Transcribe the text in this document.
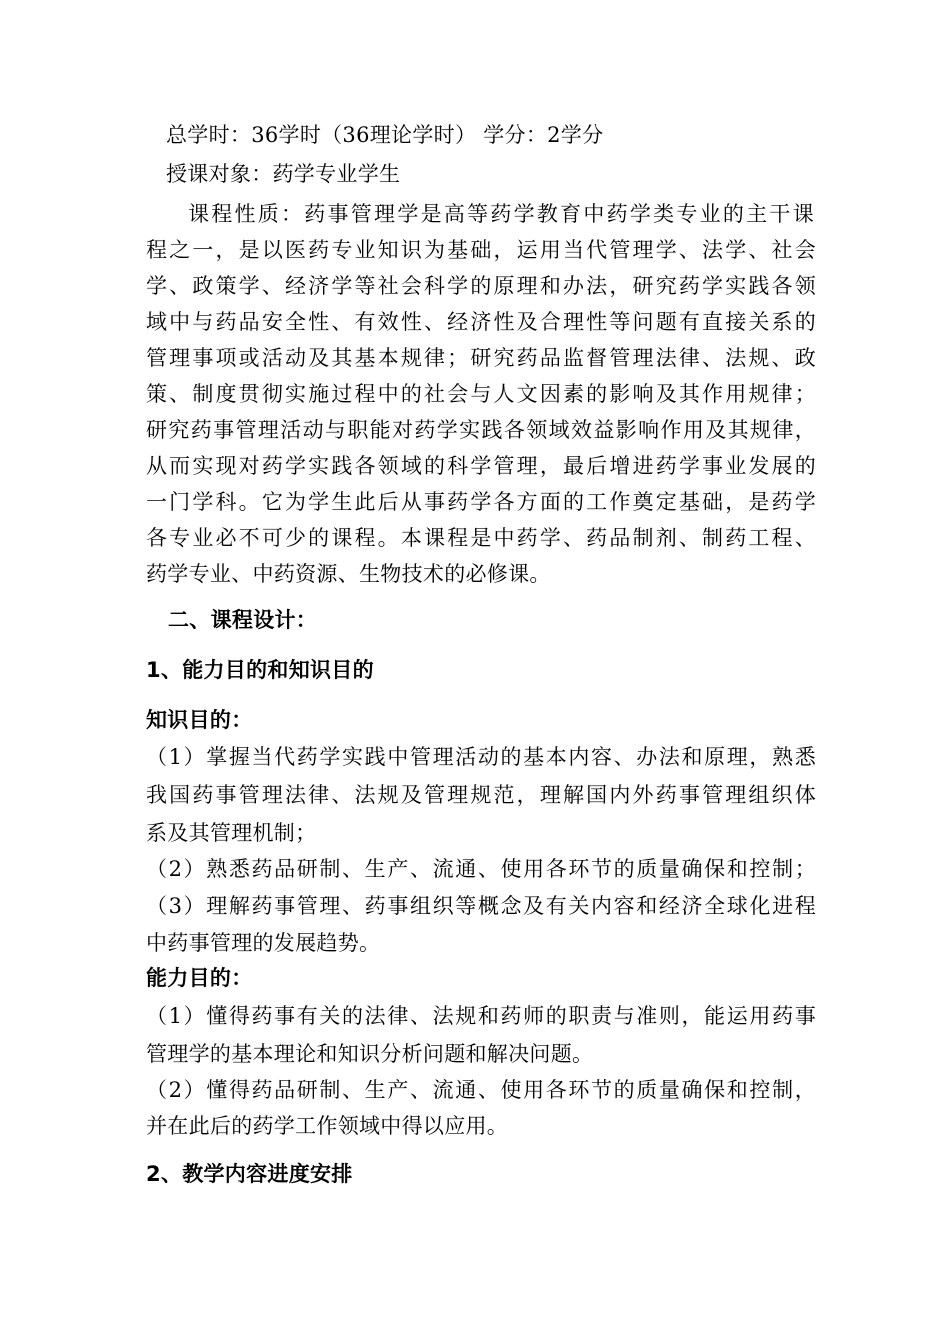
总学时：36学时（36理论学时） 学分：2学分
授课对象：药学专业学生
课程性质：药事管理学是高等药学教育中药学类专业的主干课
程之一，是以医药专业知识为基础，运用当代管理学、法学、社会
学、政策学、经济学等社会科学的原理和办法，研究药学实践各领
域中与药品安全性、有效性、经济性及合理性等问题有直接关系的
管理事项或活动及其基本规律；研究药品监督管理法律、法规、政
策、制度贯彻实施过程中的社会与人文因素的影响及其作用规律；
研究药事管理活动与职能对药学实践各领域效益影响作用及其规律，
从而实现对药学实践各领域的科学管理，最后增进药学事业发展的
一门学科。它为学生此后从事药学各方面的工作奠定基础，是药学
各专业必不可少的课程。本课程是中药学、药品制剂、制药工程、
药学专业、中药资源、生物技术的必修课。
二、课程设计：
1、能力目的和知识目的
知识目的：
（1）掌握当代药学实践中管理活动的基本内容、办法和原理，熟悉
我国药事管理法律、法规及管理规范，理解国内外药事管理组织体
系及其管理机制；
（2）熟悉药品研制、生产、流通、使用各环节的质量确保和控制；
（3）理解药事管理、药事组织等概念及有关内容和经济全球化进程
中药事管理的发展趋势。
能力目的：
（1）懂得药事有关的法律、法规和药师的职责与准则，能运用药事
管理学的基本理论和知识分析问题和解决问题。
（2）懂得药品研制、生产、流通、使用各环节的质量确保和控制，
并在此后的药学工作领域中得以应用。
2、教学内容进度安排
